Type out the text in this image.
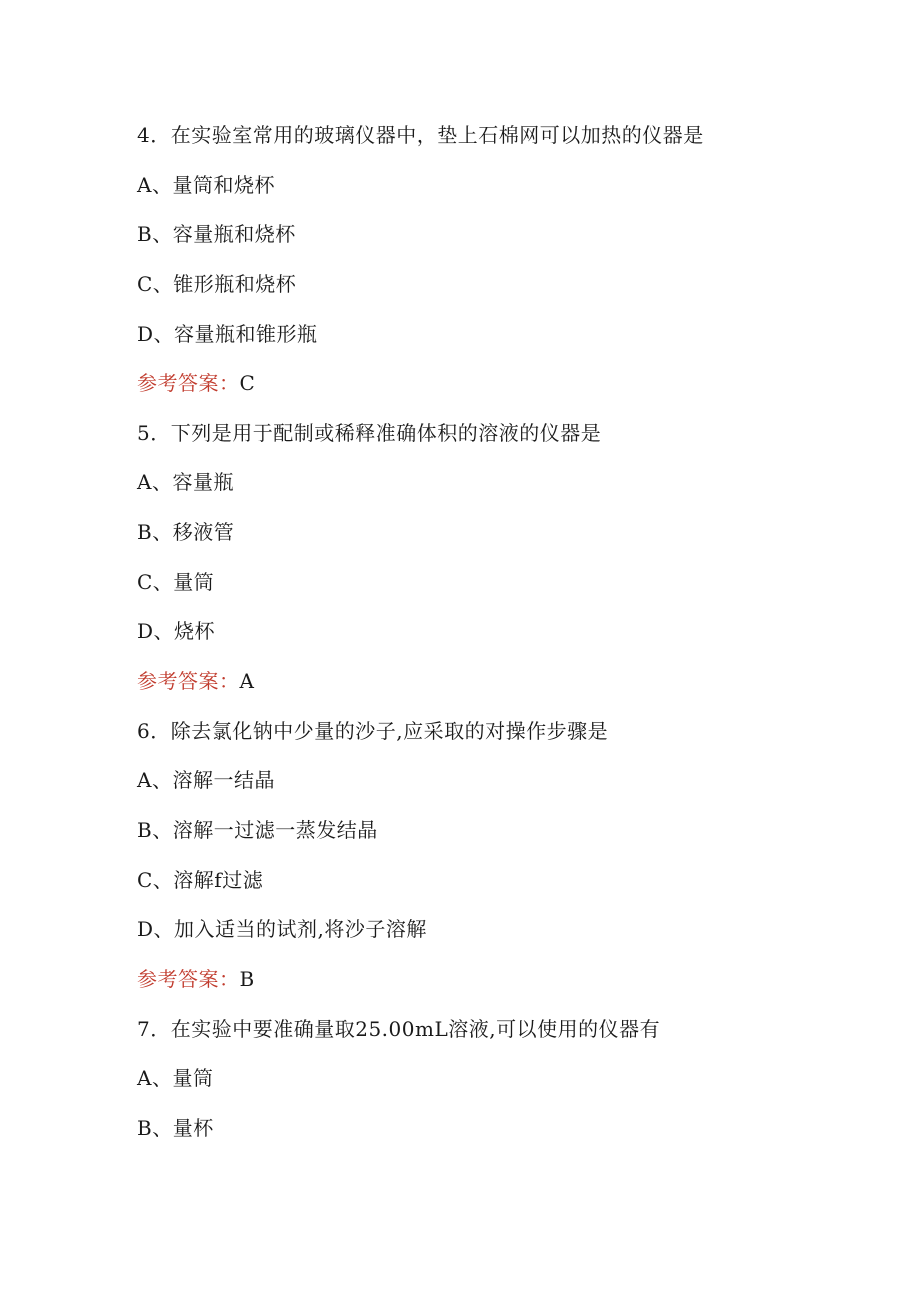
4．在实验室常用的玻璃仪器中，垫上石棉网可以加热的仪器是
A、量筒和烧杯
B、容量瓶和烧杯
C、锥形瓶和烧杯
D、容量瓶和锥形瓶
参考答案：C
5．下列是用于配制或稀释准确体积的溶液的仪器是
A、容量瓶
B、移液管
C、量筒
D、烧杯
参考答案：A
6．除去氯化钠中少量的沙子,应采取的对操作步骤是
A、溶解一结晶
B、溶解一过滤一蒸发结晶
C、溶解f过滤
D、加入适当的试剂,将沙子溶解
参考答案：B
7．在实验中要准确量取25.00mL溶液,可以使用的仪器有
A、量筒
B、量杯
